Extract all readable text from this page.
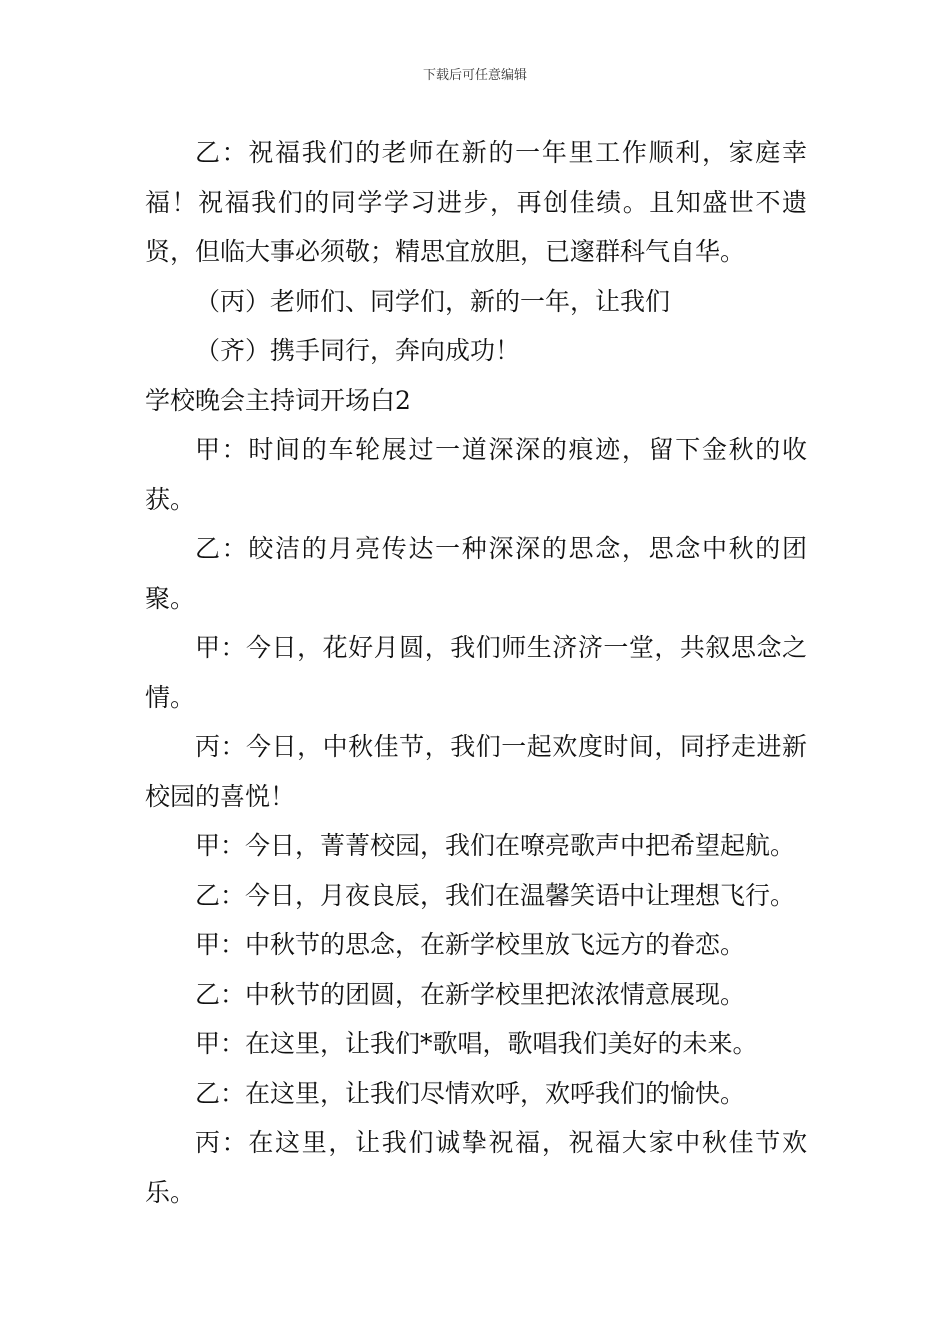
下载后可任意编辑

乙：祝福我们的老师在新的一年里工作顺利，家庭幸福！祝福我们的同学学习进步，再创佳绩。且知盛世不遗贤，但临大事必须敬；精思宜放胆，已邃群科气自华。

（丙）老师们、同学们，新的一年，让我们

（齐）携手同行，奔向成功！

学校晚会主持词开场白2

甲：时间的车轮展过一道深深的痕迹，留下金秋的收获。

乙：皎洁的月亮传达一种深深的思念，思念中秋的团聚。

甲：今日，花好月圆，我们师生济济一堂，共叙思念之情。

丙：今日，中秋佳节，我们一起欢度时间，同抒走进新校园的喜悦！

甲：今日，菁菁校园，我们在嘹亮歌声中把希望起航。

乙：今日，月夜良辰，我们在温馨笑语中让理想飞行。

甲：中秋节的思念，在新学校里放飞远方的眷恋。

乙：中秋节的团圆，在新学校里把浓浓情意展现。

甲：在这里，让我们*歌唱，歌唱我们美好的未来。

乙：在这里，让我们尽情欢呼，欢呼我们的愉快。

丙：在这里，让我们诚挚祝福，祝福大家中秋佳节欢乐。
